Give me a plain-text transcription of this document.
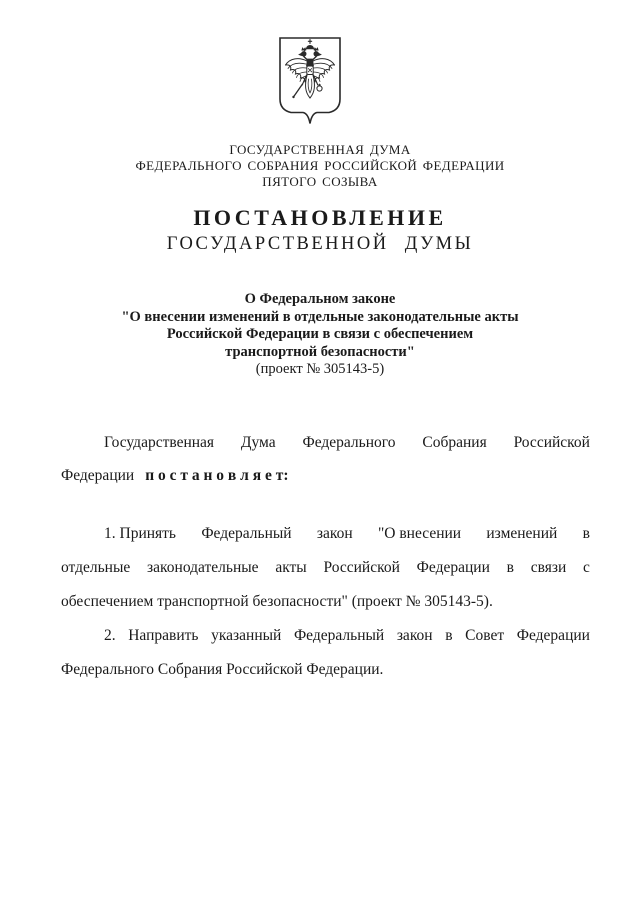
ГОСУДАРСТВЕННАЯ ДУМА
ФЕДЕРАЛЬНОГО СОБРАНИЯ РОССИЙСКОЙ ФЕДЕРАЦИИ
ПЯТОГО СОЗЫВА
ПОСТАНОВЛЕНИЕ
ГОСУДАРСТВЕННОЙ ДУМЫ
О Федеральном законе
"О внесении изменений в отдельные законодательные акты
Российской Федерации в связи с обеспечением
транспортной безопасности"
(проект № 305143-5)
Государственная Дума Федерального Собрания Российской
Федерации п о с т а н о в л я е т:
1. Принять Федеральный закон "О внесении изменений в
отдельные законодательные акты Российской Федерации в связи с
обеспечением транспортной безопасности" (проект № 305143-5).
2. Направить указанный Федеральный закон в Совет Федерации
Федерального Собрания Российской Федерации.
